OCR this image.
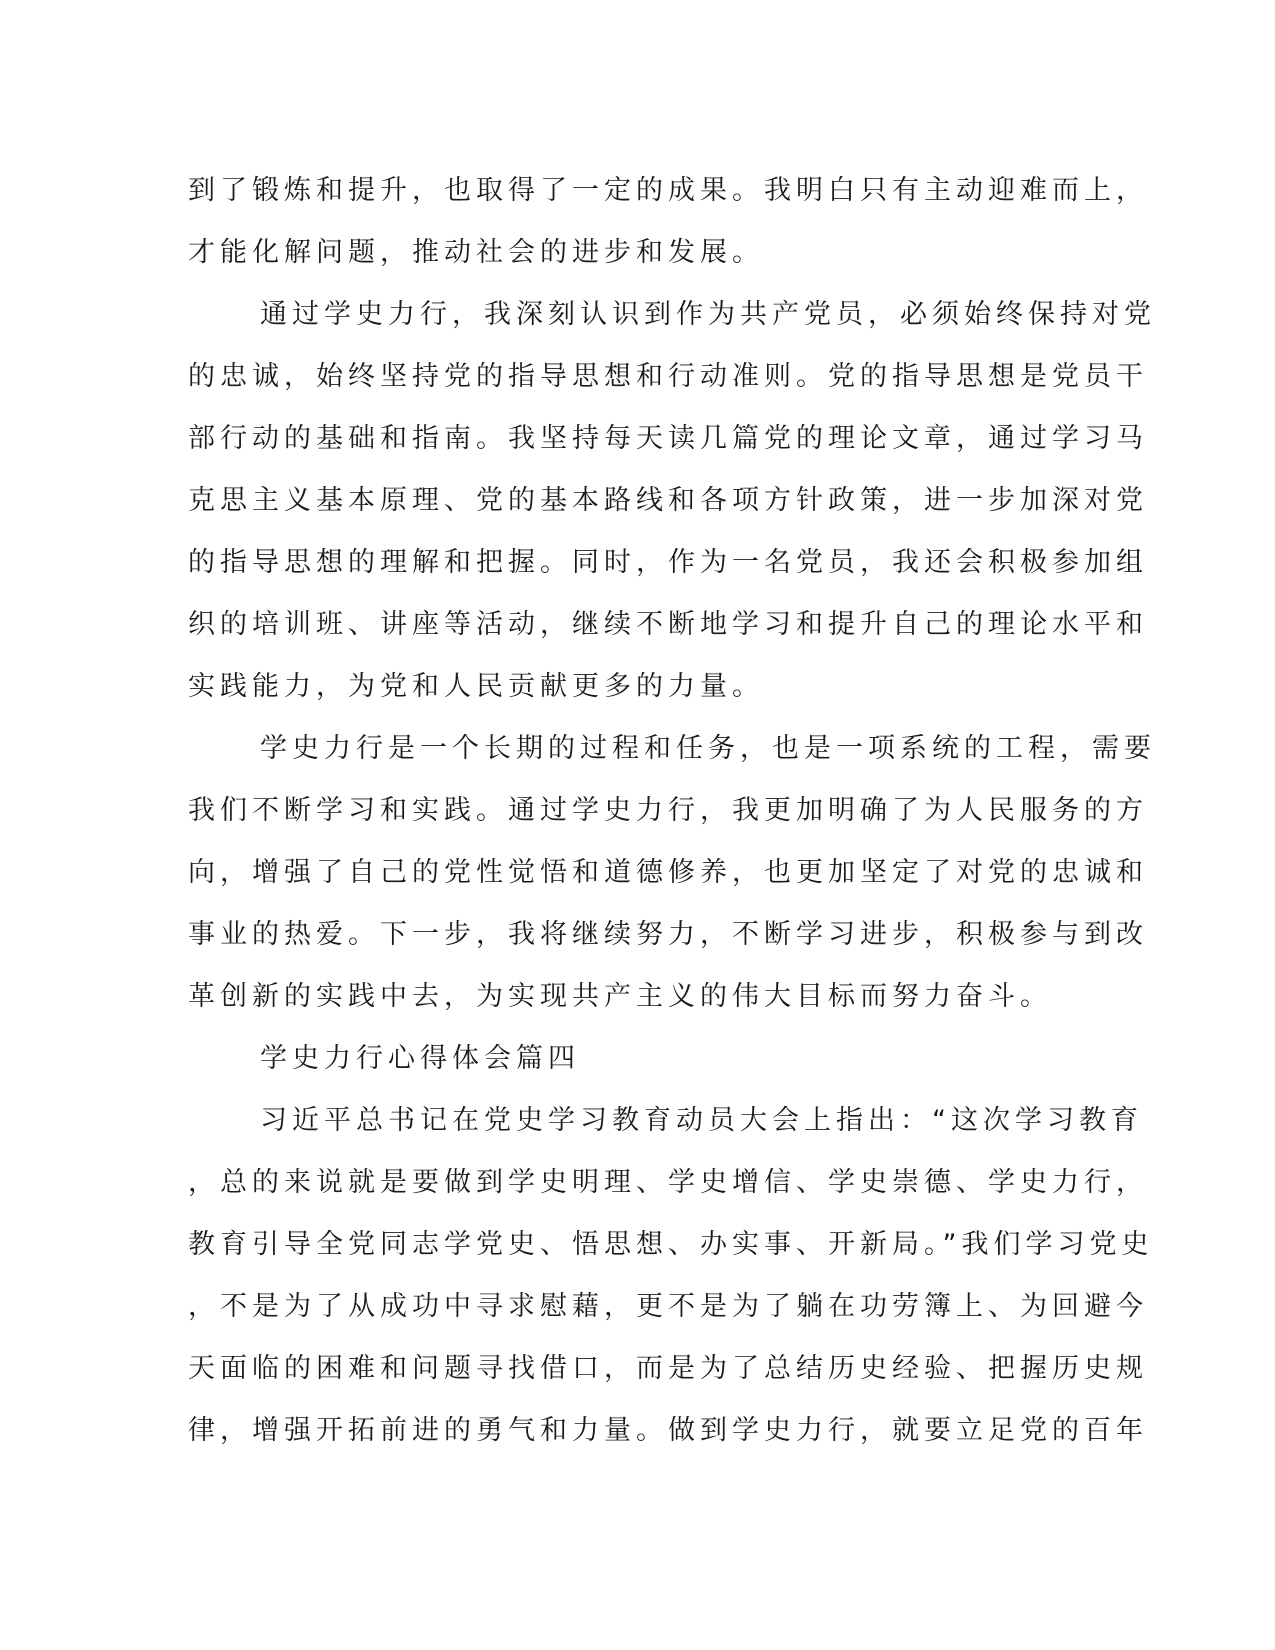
到了锻炼和提升，也取得了一定的成果。我明白只有主动迎难而上，
才能化解问题，推动社会的进步和发展。
通过学史力行，我深刻认识到作为共产党员，必须始终保持对党
的忠诚，始终坚持党的指导思想和行动准则。党的指导思想是党员干
部行动的基础和指南。我坚持每天读几篇党的理论文章，通过学习马
克思主义基本原理、党的基本路线和各项方针政策，进一步加深对党
的指导思想的理解和把握。同时，作为一名党员，我还会积极参加组
织的培训班、讲座等活动，继续不断地学习和提升自己的理论水平和
实践能力，为党和人民贡献更多的力量。
学史力行是一个长期的过程和任务，也是一项系统的工程，需要
我们不断学习和实践。通过学史力行，我更加明确了为人民服务的方
向，增强了自己的党性觉悟和道德修养，也更加坚定了对党的忠诚和
事业的热爱。下一步，我将继续努力，不断学习进步，积极参与到改
革创新的实践中去，为实现共产主义的伟大目标而努力奋斗。
学史力行心得体会篇四
习近平总书记在党史学习教育动员大会上指出：“这次学习教育
，总的来说就是要做到学史明理、学史增信、学史崇德、学史力行，
教育引导全党同志学党史、悟思想、办实事、开新局。”我们学习党史
，不是为了从成功中寻求慰藉，更不是为了躺在功劳簿上、为回避今
天面临的困难和问题寻找借口，而是为了总结历史经验、把握历史规
律，增强开拓前进的勇气和力量。做到学史力行，就要立足党的百年
